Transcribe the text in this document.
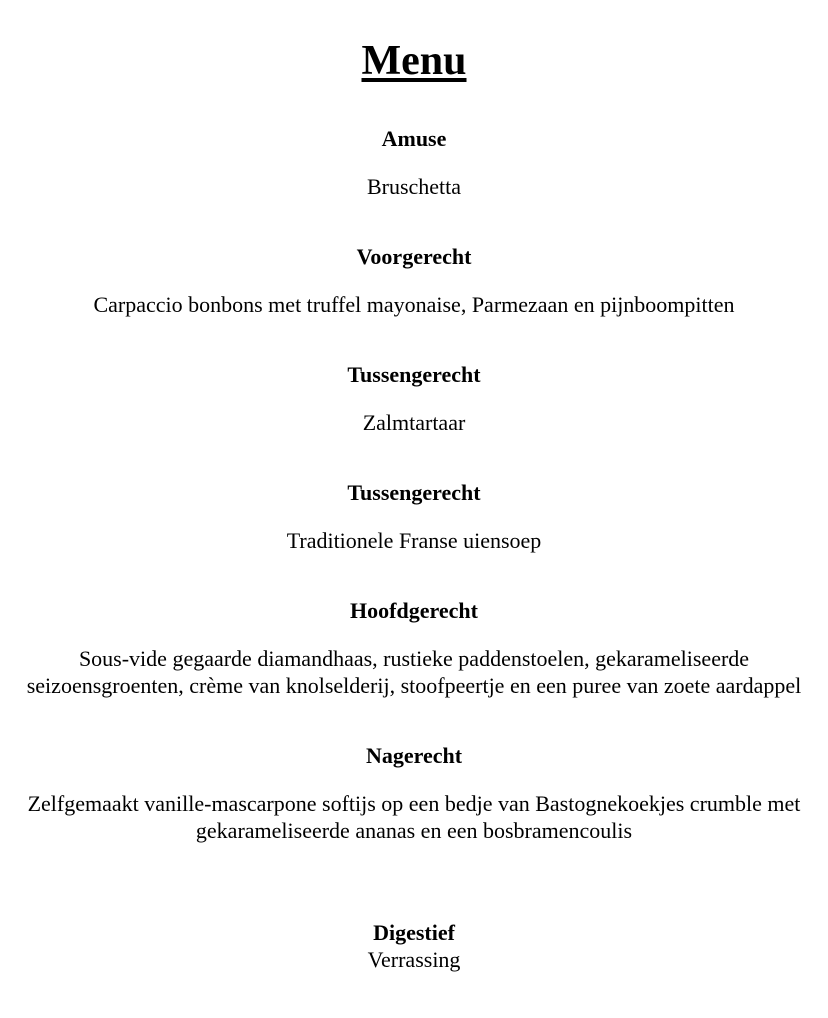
Menu
Amuse

Bruschetta

Voorgerecht

Carpaccio bonbons met truffel mayonaise, Parmezaan en pijnboompitten

Tussengerecht

Zalmtartaar

Tussengerecht

Traditionele Franse uiensoep

Hoofdgerecht

Sous-vide gegaarde diamandhaas, rustieke paddenstoelen, gekarameliseerde seizoensgroenten, crème van knolselderij, stoofpeertje en een puree van zoete aardappel

Nagerecht

Zelfgemaakt vanille-mascarpone softijs op een bedje van Bastognekoekjes crumble met gekarameliseerde ananas en een bosbramencoulis

Digestief

Verrassing
